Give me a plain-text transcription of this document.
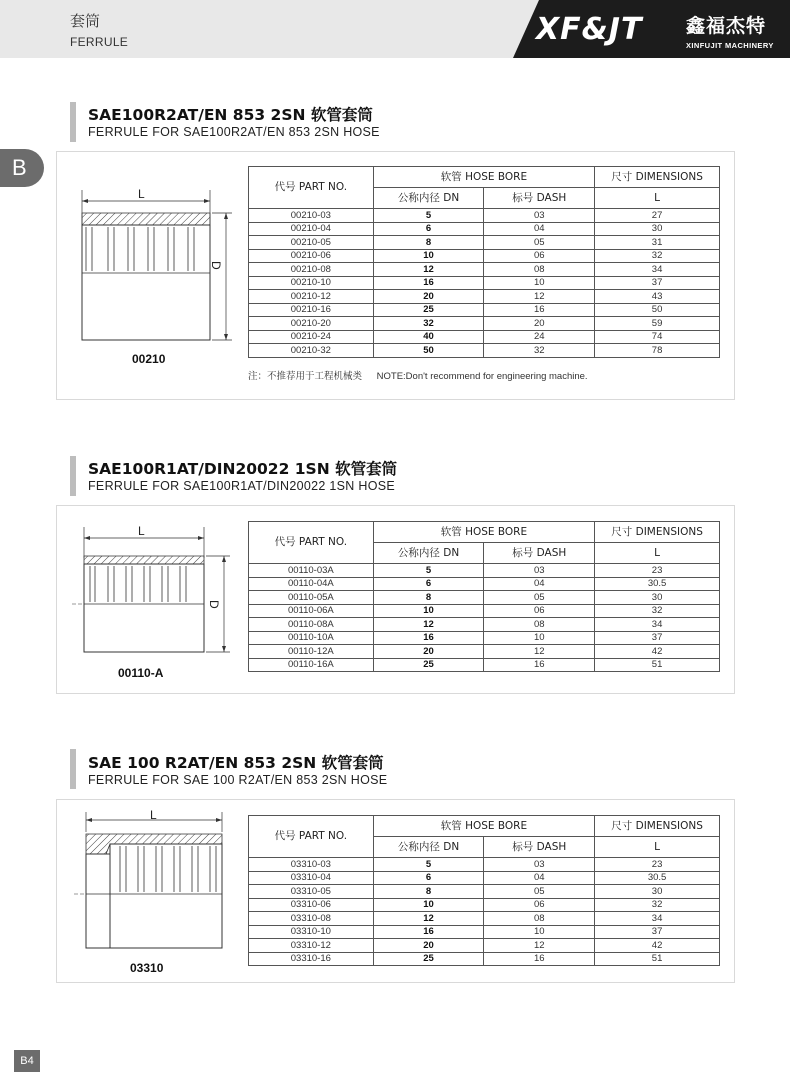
套筒
FERRULE	XF&JT 鑫福杰特
XINFUJIT MACHINERY
B
SAE100R2AT/EN 853 2SN 软管套筒
FERRULE FOR SAE100R2AT/EN 853 2SN HOSE
L
D
00210
代号 PART NO.	软管 HOSE BORE		尺寸 DIMENSIONS
	公称内径 DN	标号 DASH	L
00210-03	5	03	27
00210-04	6	04	30
00210-05	8	05	31
00210-06	10	06	32
00210-08	12	08	34
00210-10	16	10	37
00210-12	20	12	43
00210-16	25	16	50
00210-20	32	20	59
00210-24	40	24	74
00210-32	50	32	78
注：不推荐用于工程机械类 NOTE:Don't recommend for engineering machine.
SAE100R1AT/DIN20022 1SN 软管套筒
FERRULE FOR SAE100R1AT/DIN20022 1SN HOSE
L
D
00110-A
代号 PART NO.	软管 HOSE BORE		尺寸 DIMENSIONS
	公称内径 DN	标号 DASH	L
00110-03A	5	03	23
00110-04A	6	04	30.5
00110-05A	8	05	30
00110-06A	10	06	32
00110-08A	12	08	34
00110-10A	16	10	37
00110-12A	20	12	42
00110-16A	25	16	51
SAE 100 R2AT/EN 853 2SN 软管套筒
FERRULE FOR SAE 100 R2AT/EN 853 2SN HOSE
L
03310
代号 PART NO.	软管 HOSE BORE		尺寸 DIMENSIONS
	公称内径 DN	标号 DASH	L
03310-03	5	03	23
03310-04	6	04	30.5
03310-05	8	05	30
03310-06	10	06	32
03310-08	12	08	34
03310-10	16	10	37
03310-12	20	12	42
03310-16	25	16	51
B4
